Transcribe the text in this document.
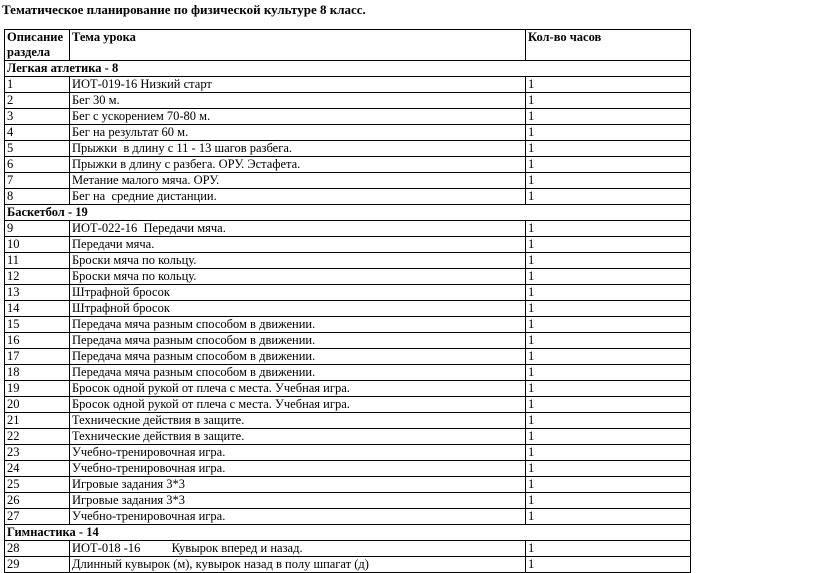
Тематическое планирование по физической культуре 8 класс.
Описание раздела	Тема урока	Кол-во часов
Легкая атлетика - 8		
1	ИОТ-019-16 Низкий старт	1
2	Бег 30 м.	1
3	Бег с ускорением 70-80 м.	1
4	Бег на результат 60 м.	1
5	Прыжки  в длину с 11 - 13 шагов разбега.	1
6	Прыжки в длину с разбега. ОРУ. Эстафета.	1
7	Метание малого мяча. ОРУ.	1
8	Бег на  средние дистанции.	1
Баскетбол - 19		
9	ИОТ-022-16  Передачи мяча.	1
10	Передачи мяча.	1
11	Броски мяча по кольцу.	1
12	Броски мяча по кольцу.	1
13	Штрафной бросок	1
14	Штрафной бросок	1
15	Передача мяча разным способом в движении.	1
16	Передача мяча разным способом в движении.	1
17	Передача мяча разным способом в движении.	1
18	Передача мяча разным способом в движении.	1
19	Бросок одной рукой от плеча с места. Учебная игра.	1
20	Бросок одной рукой от плеча с места. Учебная игра.	1
21	Технические действия в защите.	1
22	Технические действия в защите.	1
23	Учебно-тренировочная игра.	1
24	Учебно-тренировочная игра.	1
25	Игровые задания 3*3	1
26	Игровые задания 3*3	1
27	Учебно-тренировочная игра.	1
Гимнастика - 14		
28	ИОТ-018 -16          Кувырок вперед и назад.	1
29	Длинный кувырок (м), кувырок назад в полу шпагат (д)	1
